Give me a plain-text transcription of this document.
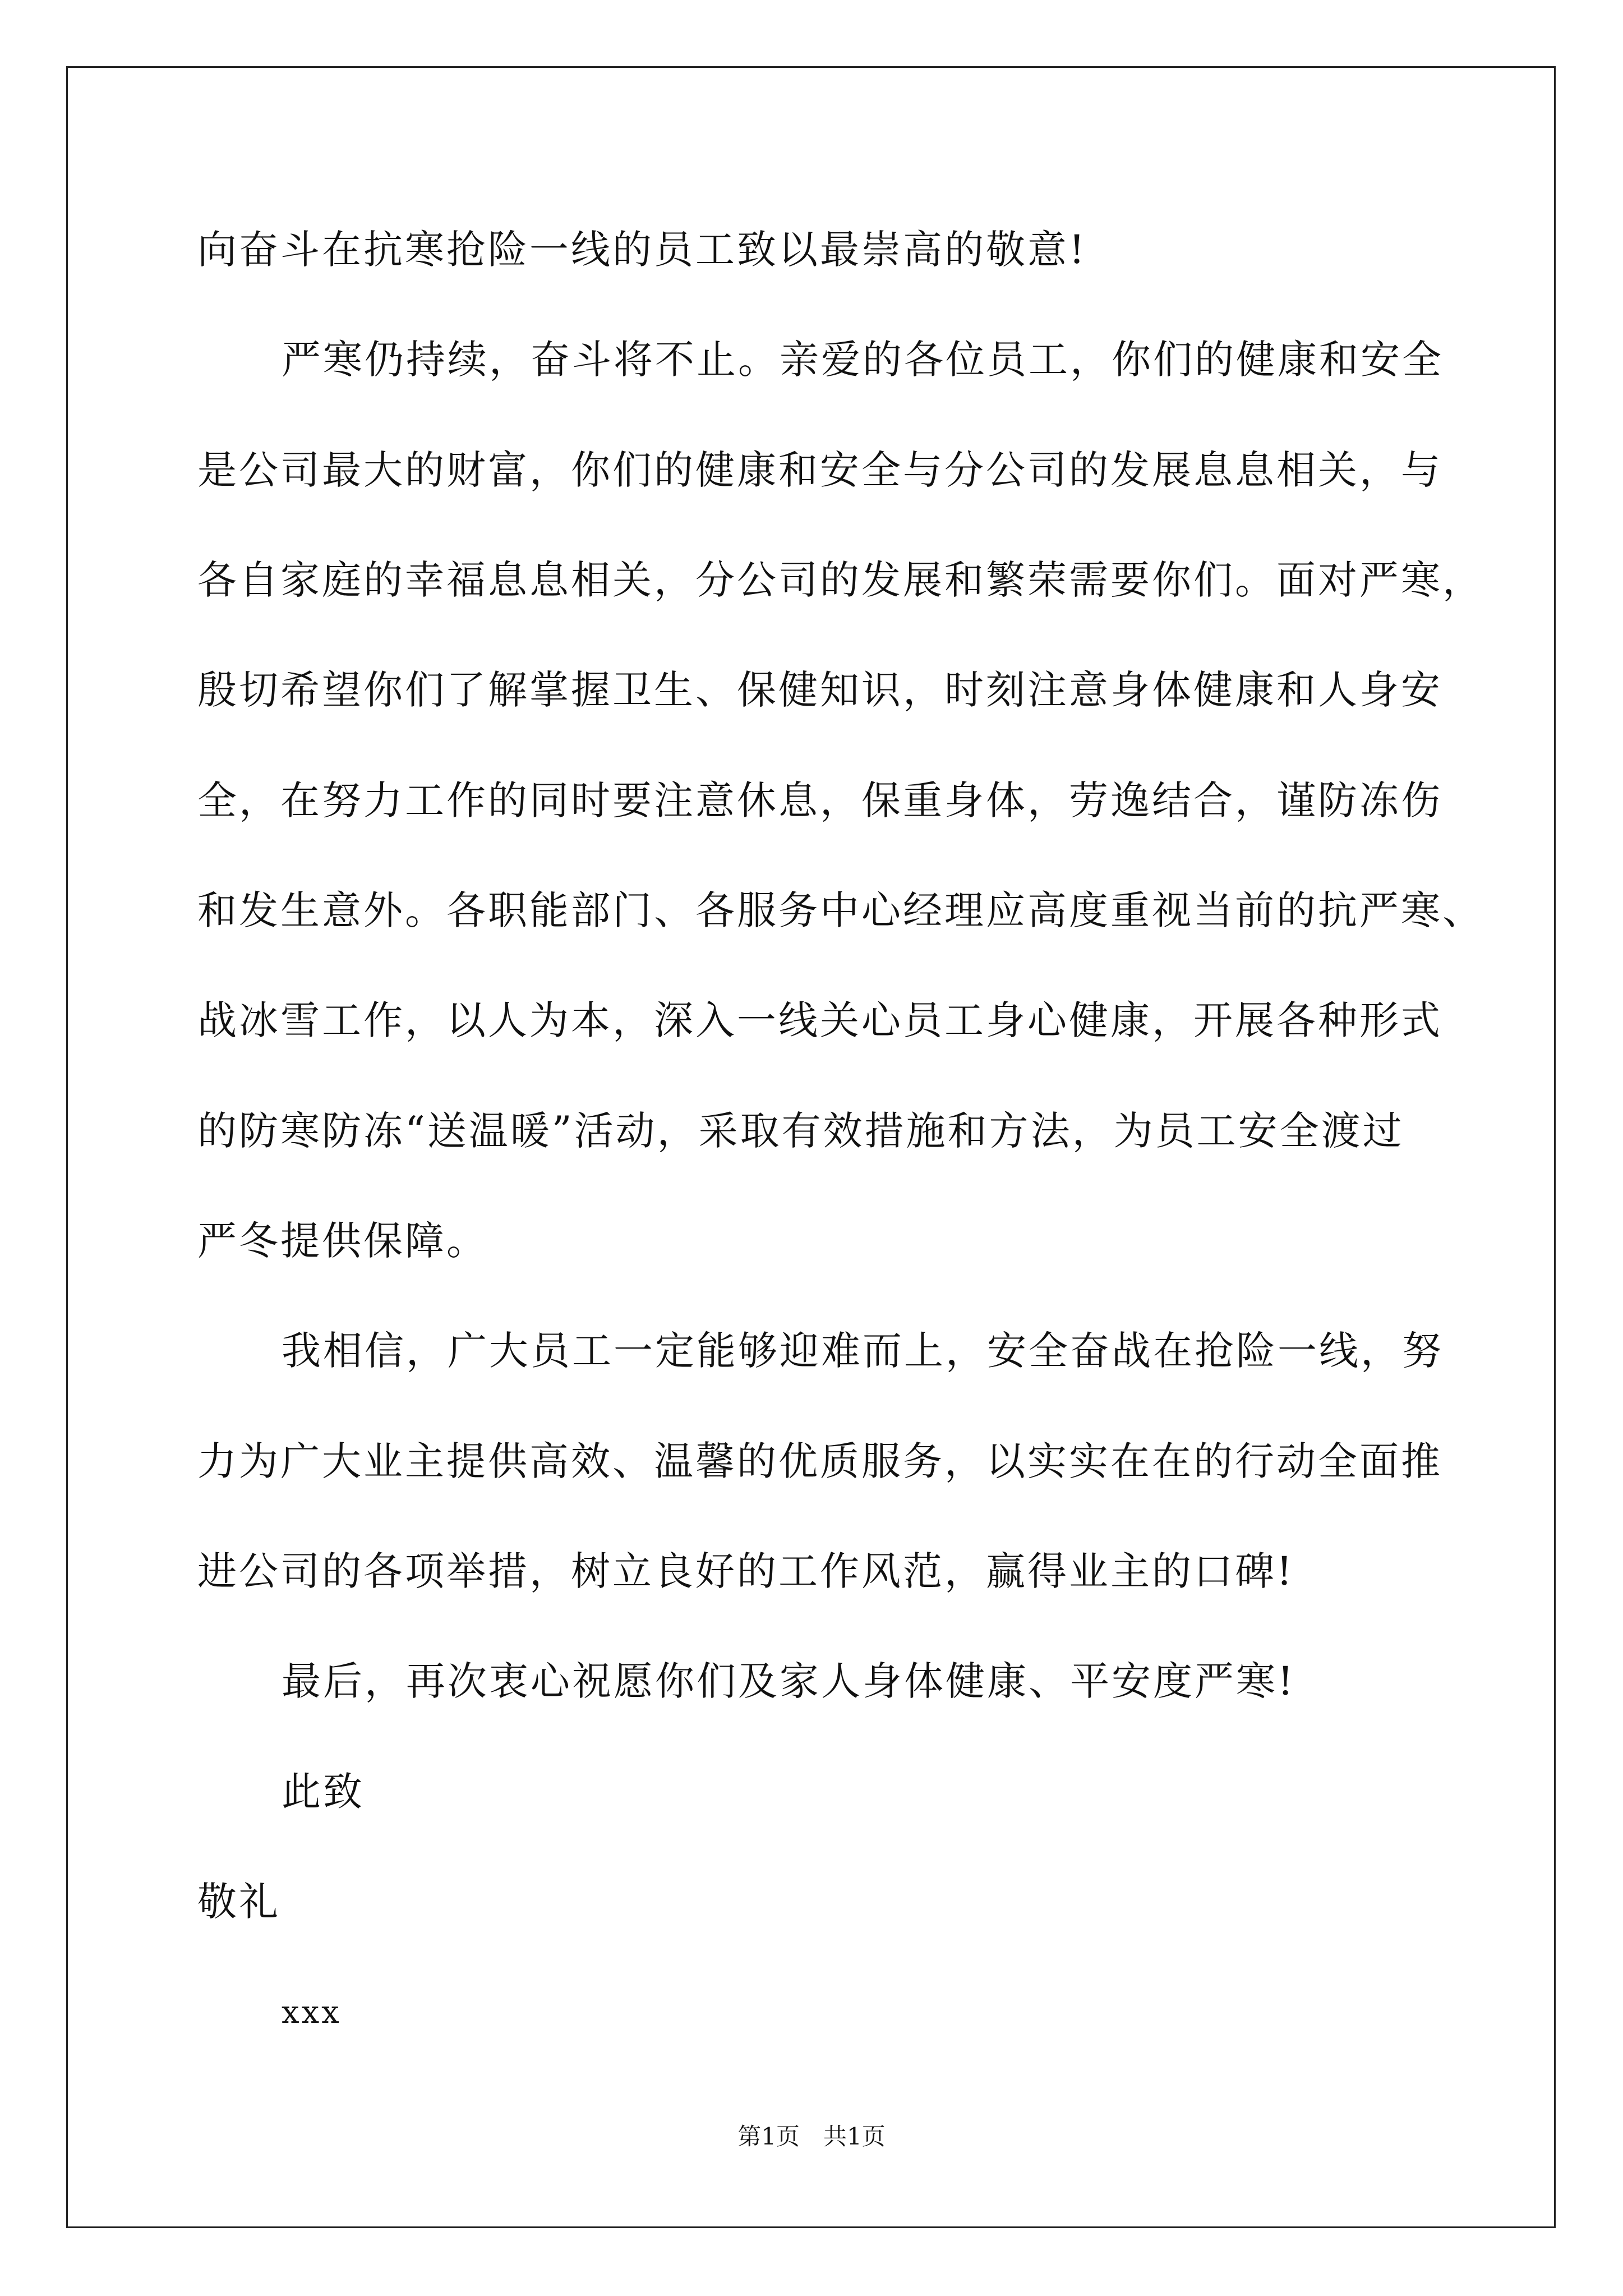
向奋斗在抗寒抢险一线的员工致以最崇高的敬意!
严寒仍持续，奋斗将不止。亲爱的各位员工，你们的健康和安全
是公司最大的财富，你们的健康和安全与分公司的发展息息相关，与
各自家庭的幸福息息相关，分公司的发展和繁荣需要你们。面对严寒，
殷切希望你们了解掌握卫生、保健知识，时刻注意身体健康和人身安
全，在努力工作的同时要注意休息，保重身体，劳逸结合，谨防冻伤
和发生意外。各职能部门、各服务中心经理应高度重视当前的抗严寒、
战冰雪工作，以人为本，深入一线关心员工身心健康，开展各种形式
的防寒防冻“送温暖”活动，采取有效措施和方法，为员工安全渡过
严冬提供保障。
我相信，广大员工一定能够迎难而上，安全奋战在抢险一线，努
力为广大业主提供高效、温馨的优质服务，以实实在在的行动全面推
进公司的各项举措，树立良好的工作风范，赢得业主的口碑!
最后，再次衷心祝愿你们及家人身体健康、平安度严寒!
此致
敬礼
xxx
第1页　共1页
